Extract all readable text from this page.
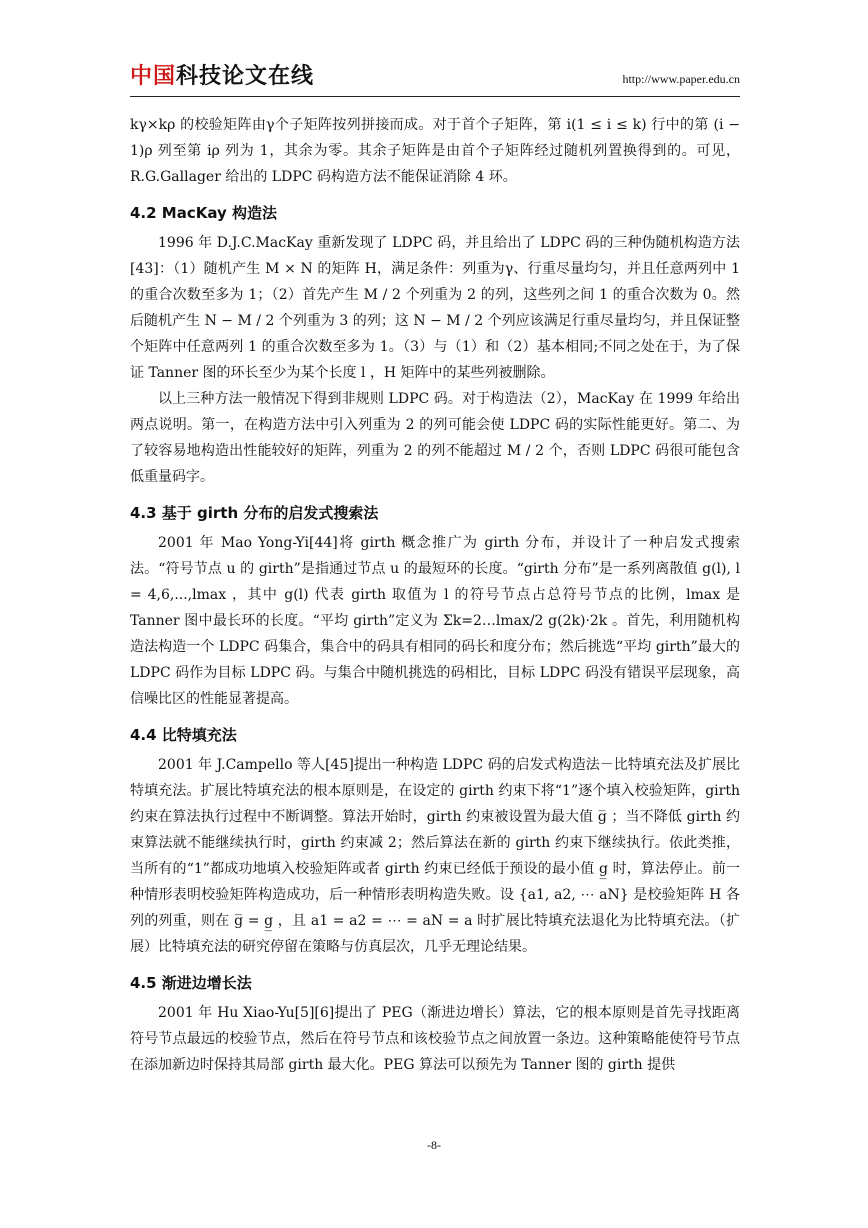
中国科技论文在线	http://www.paper.edu.cn

kγ×kρ 的校验矩阵由γ个子矩阵按列拼接而成。对于首个子矩阵，第 i(1 ≤ i ≤ k) 行中的第 (i − 1)ρ 列至第 iρ 列为 1，其余为零。其余子矩阵是由首个子矩阵经过随机列置换得到的。可见，R.G.Gallager 给出的 LDPC 码构造方法不能保证消除 4 环。

4.2 MacKay 构造法

1996 年 D.J.C.MacKay 重新发现了 LDPC 码，并且给出了 LDPC 码的三种伪随机构造方法[43]：（1）随机产生 M × N 的矩阵 H，满足条件：列重为γ、行重尽量均匀，并且任意两列中 1 的重合次数至多为 1；（2）首先产生 M / 2 个列重为 2 的列，这些列之间 1 的重合次数为 0。然后随机产生 N − M / 2 个列重为 3 的列；这 N − M / 2 个列应该满足行重尽量均匀，并且保证整个矩阵中任意两列 1 的重合次数至多为 1。（3）与（1）和（2）基本相同;不同之处在于，为了保证 Tanner 图的环长至少为某个长度 l ，H 矩阵中的某些列被删除。

以上三种方法一般情况下得到非规则 LDPC 码。对于构造法（2），MacKay 在 1999 年给出两点说明。第一，在构造方法中引入列重为 2 的列可能会使 LDPC 码的实际性能更好。第二、为了较容易地构造出性能较好的矩阵，列重为 2 的列不能超过 M / 2 个，否则 LDPC 码很可能包含低重量码字。

4.3 基于 girth 分布的启发式搜索法

2001 年 Mao Yong-Yi[44]将 girth 概念推广为 girth 分布，并设计了一种启发式搜索法。“符号节点 u 的 girth”是指通过节点 u 的最短环的长度。“girth 分布”是一系列离散值 g(l), l = 4,6,...,lmax ，其中 g(l) 代表 girth 取值为 l 的符号节点占总符号节点的比例，lmax 是 Tanner 图中最长环的长度。“平均 girth”定义为 Σk=2…lmax/2 g(2k)·2k 。首先，利用随机构造法构造一个 LDPC 码集合，集合中的码具有相同的码长和度分布；然后挑选“平均 girth”最大的 LDPC 码作为目标 LDPC 码。与集合中随机挑选的码相比，目标 LDPC 码没有错误平层现象，高信噪比区的性能显著提高。

4.4 比特填充法

2001 年 J.Campello 等人[45]提出一种构造 LDPC 码的启发式构造法－比特填充法及扩展比特填充法。扩展比特填充法的根本原则是，在设定的 girth 约束下将“1”逐个填入校验矩阵，girth 约束在算法执行过程中不断调整。算法开始时，girth 约束被设置为最大值 g̅ ；当不降低 girth 约束算法就不能继续执行时，girth 约束减 2；然后算法在新的 girth 约束下继续执行。依此类推，当所有的“1”都成功地填入校验矩阵或者 girth 约束已经低于预设的最小值 g̲ 时，算法停止。前一种情形表明校验矩阵构造成功，后一种情形表明构造失败。设 {a1, a2, ⋯ aN} 是校验矩阵 H 各列的列重，则在 g̅ = g̲ ，且 a1 = a2 = ⋯ = aN = a 时扩展比特填充法退化为比特填充法。（扩展）比特填充法的研究停留在策略与仿真层次，几乎无理论结果。

4.5 渐进边增长法

2001 年 Hu Xiao-Yu[5][6]提出了 PEG（渐进边增长）算法，它的根本原则是首先寻找距离符号节点最远的校验节点，然后在符号节点和该校验节点之间放置一条边。这种策略能使符号节点在添加新边时保持其局部 girth 最大化。PEG 算法可以预先为 Tanner 图的 girth 提供

-8-
